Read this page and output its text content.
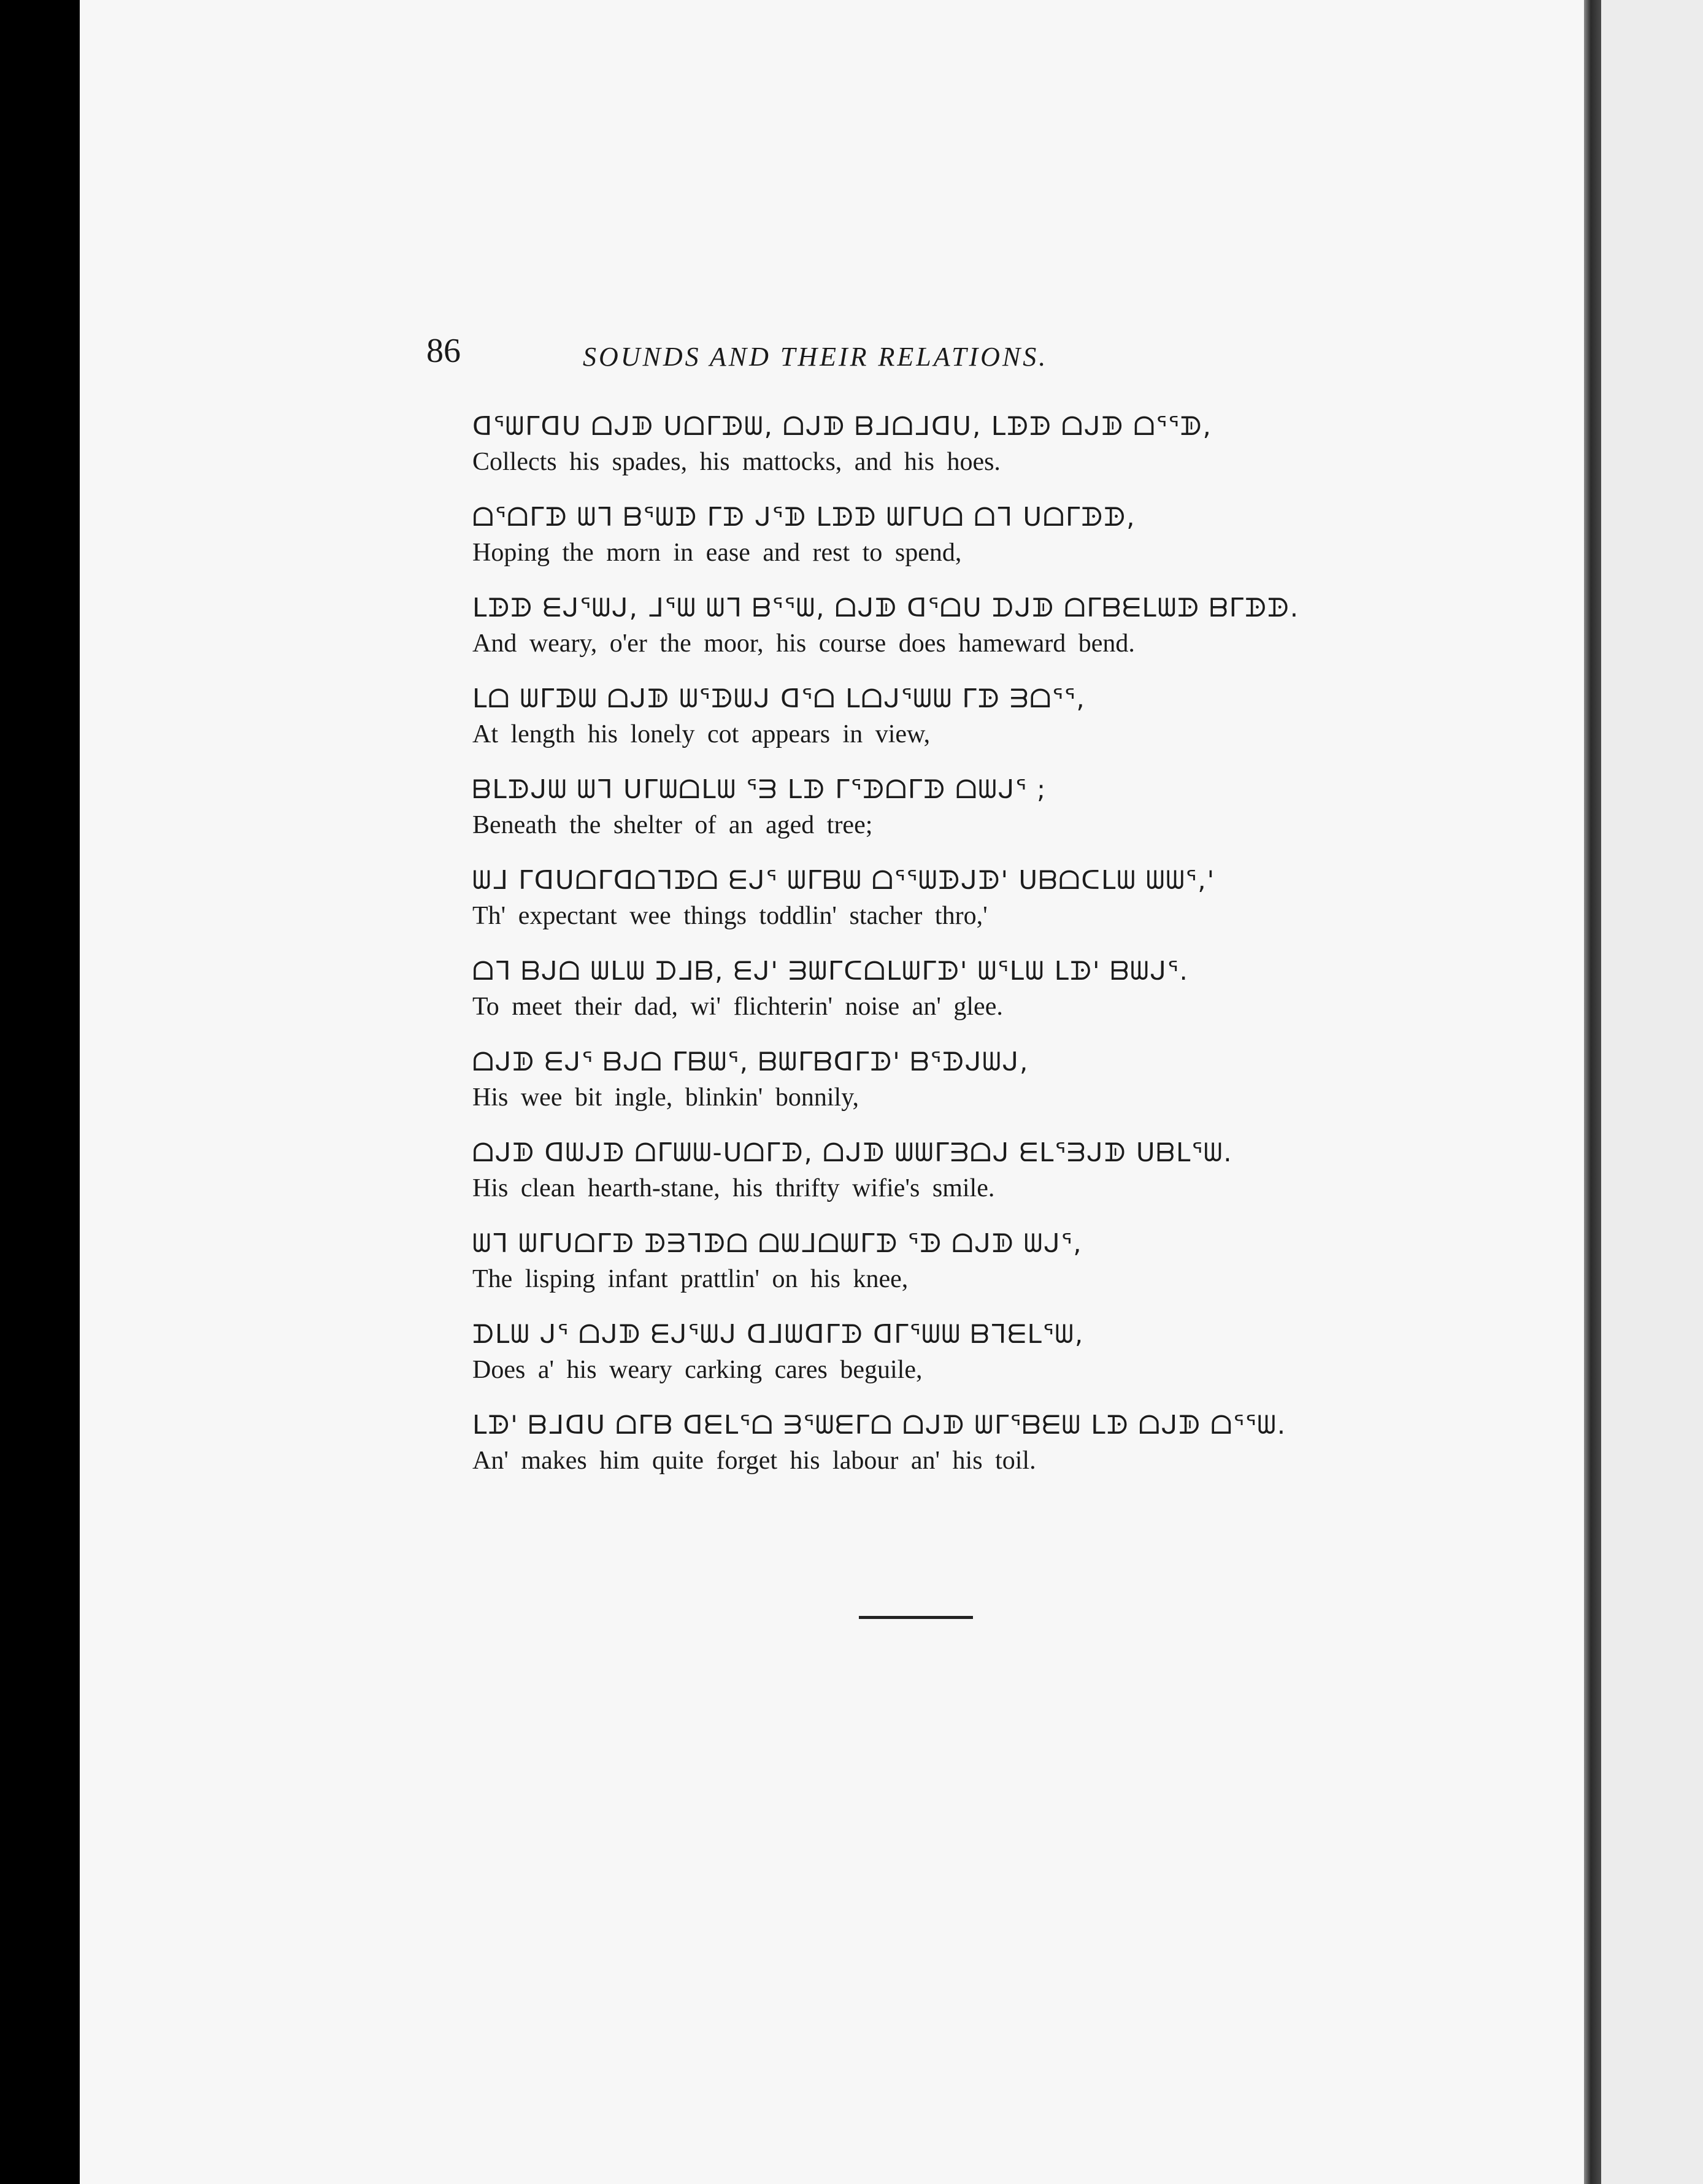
86	SOUNDS AND THEIR RELATIONS.
ᗡᕐᗯᒥᗡᑌ ᗝᒍᗫ ᑌᗝᒥᗬᗯ, ᗝᒍᗫ ᗷᒧᗝᒧᗡᑌ, ᒪᗬᗬ ᗝᒍᗫ ᗝᕐᕐᗫ,
Collects his spades, his mattocks, and his hoes.
ᗝᕐᗝᒥᗬ ᗯᒣ ᗷᕐᗯᗬ ᒥᗬ ᒍᕐᗫ ᒪᗬᗬ ᗯᒥᑌᗝ ᗝᒣ ᑌᗝᒥᗬᗬ,
Hoping the morn in ease and rest to spend,
ᒪᗬᗬ ᗴᒍᕐᗯᒍ, ᒧᕐᗯ ᗯᒣ ᗷᕐᕐᗯ, ᗝᒍᗫ ᗡᕐᗝᑌ ᗪᒍᗫ ᗝᒥᗷᗴᒪᗯᗬ ᗷᒥᗬᗬ.
And weary, o'er the moor, his course does hameward bend.
ᒪᗝ ᗯᒥᗬᗯ ᗝᒍᗫ ᗯᕐᗬᗯᒍ ᗡᕐᗝ ᒪᗝᒍᕐᗯᗯ ᒥᗬ ᗱᗝᕐᕐ,
At length his lonely cot appears in view,
ᗷᒪᗬᒍᗯ ᗯᒣ ᑌᒥᗯᗝᒪᗯ ᕐᗱ ᒪᗬ ᒥᕐᗬᗝᒥᗬ ᗝᗯᒍᕐ ;
Beneath the shelter of an aged tree;
ᗯᒧ ᒥᗡᑌᗝᒥᗡᗝᒣᗬᗝ ᗴᒍᕐ ᗯᒥᗷᗯ ᗝᕐᕐᗯᗬᒍᗬ' ᑌᗷᗝᑕᒪᗯ ᗯᗯᕐ,'
Th' expectant wee things toddlin' stacher thro,'
ᗝᒣ ᗷᒍᗝ ᗯᒪᗯ ᗪᒧᗷ, ᗴᒍ' ᗱᗯᒥᑕᗝᒪᗯᒥᗬ' ᗯᕐᒪᗯ ᒪᗬ' ᗷᗯᒍᕐ.
To meet their dad, wi' flichterin' noise an' glee.
ᗝᒍᗫ ᗴᒍᕐ ᗷᒍᗝ ᒥᗷᗯᕐ, ᗷᗯᒥᗷᗡᒥᗬ' ᗷᕐᗬᒍᗯᒍ,
His wee bit ingle, blinkin' bonnily,
ᗝᒍᗫ ᗡᗯᒍᗬ ᗝᒥᗯᗯ-ᑌᗝᒥᗬ, ᗝᒍᗫ ᗯᗯᒥᗱᗝᒍ ᗴᒪᕐᗱᒍᗫ ᑌᗷᒪᕐᗯ.
His clean hearth-stane, his thrifty wifie's smile.
ᗯᒣ ᗯᒥᑌᗝᒥᗬ ᗬᗱᒣᗬᗝ ᗝᗯᒧᗝᗯᒥᗬ ᕐᗬ ᗝᒍᗫ ᗯᒍᕐ,
The lisping infant prattlin' on his knee,
ᗪᒪᗯ ᒍᕐ ᗝᒍᗫ ᗴᒍᕐᗯᒍ ᗡᒧᗯᗡᒥᗬ ᗡᒥᕐᗯᗯ ᗷᒣᗴᒪᕐᗯ,
Does a' his weary carking cares beguile,
ᒪᗬ' ᗷᒧᗡᑌ ᗝᒥᗷ ᗡᗴᒪᕐᗝ ᗱᕐᗯᗴᒥᗝ ᗝᒍᗫ ᗯᒥᕐᗷᗴᗯ ᒪᗬ ᗝᒍᗫ ᗝᕐᕐᗯ.
An' makes him quite forget his labour an' his toil.
